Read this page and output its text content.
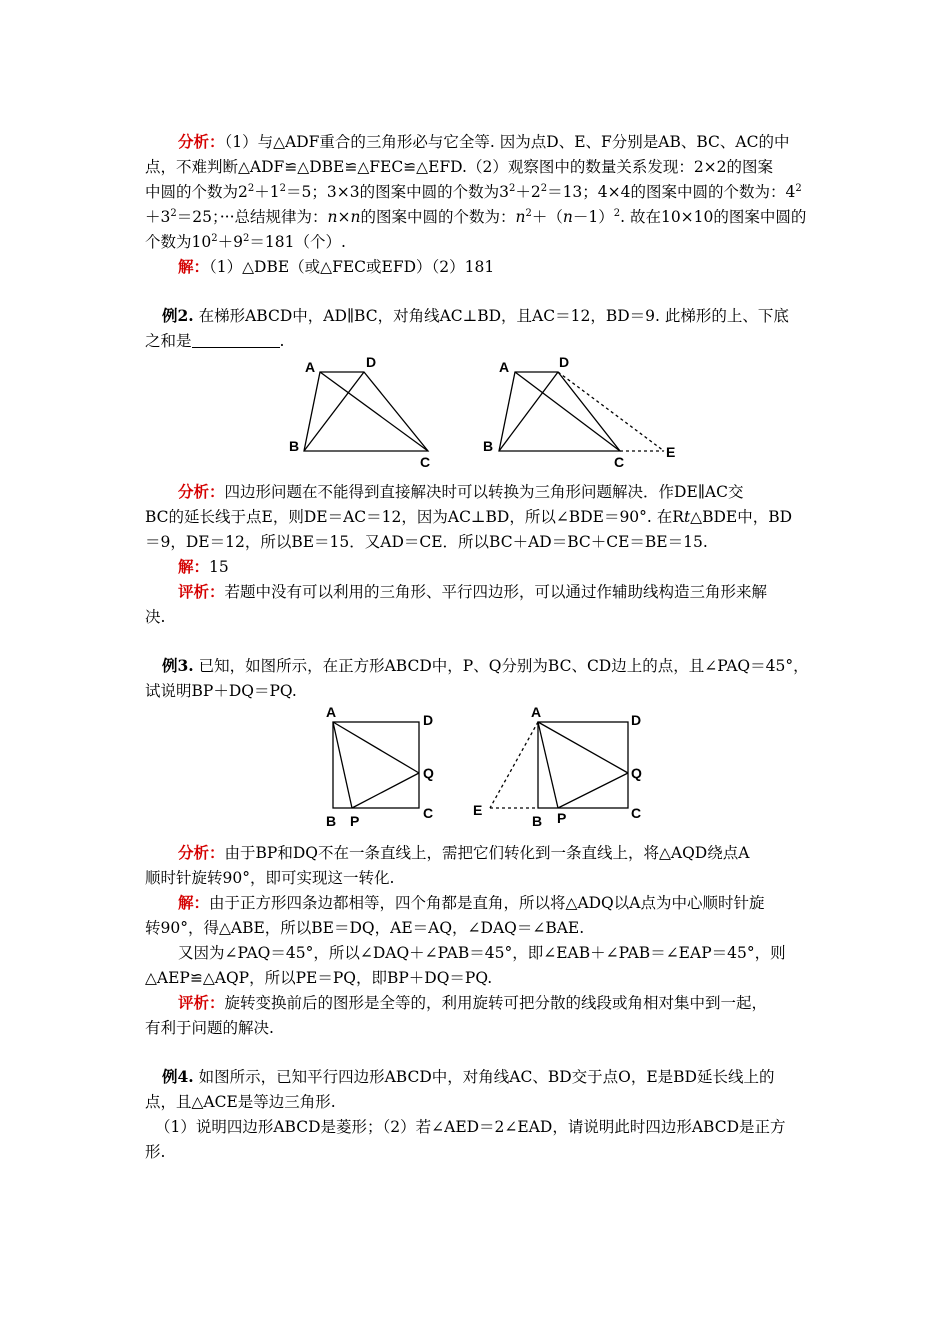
分析：（1）与△ADF重合的三角形必与它全等. 因为点D、E、F分别是AB、BC、AC的中
点，不难判断△ADF≌△DBE≌△FEC≌△EFD.（2）观察图中的数量关系发现：2×2的图案
中圆的个数为$2^2+1^2=5$；3×3的图案中圆的个数为$3^2+2^2=13$；4×4的图案中圆的个数为：$4^2$
$+3^2=25$；···总结规律为：n×n的图案中圆的个数为：$n^2+(n-1)^2$. 故在10×10的图案中圆的
个数为$10^2+9^2=181$（个）.
解：（1）△DBE（或△FEC或EFD）（2）181
例2. 在梯形ABCD中，AD∥BC，对角线AC⊥BD，且AC＝12，BD＝9. 此梯形的上、下底
之和是	.
A	D
B
C
A	D
B
C
E
分析：四边形问题在不能得到直接解决时可以转换为三角形问题解决．作DE∥AC交
BC的延长线于点E，则DE＝AC＝12，因为AC⊥BD，所以∠BDE＝90°. 在Rt△BDE中，BD
＝9，DE＝12，所以BE＝15．又AD＝CE．所以BC＋AD＝BC＋CE＝BE＝15.
解：15
评析：若题中没有可以利用的三角形、平行四边形，可以通过作辅助线构造三角形来解
决.
例3. 已知，如图所示，在正方形ABCD中，P、Q分别为BC、CD边上的点，且∠PAQ＝45°，
试说明BP＋DQ＝PQ.
A	D
Q
C
B P
A	D
Q
C
E
B P
分析：由于BP和DQ不在一条直线上，需把它们转化到一条直线上，将△AQD绕点A
顺时针旋转90°，即可实现这一转化.
解：由于正方形四条边都相等，四个角都是直角，所以将△ADQ以A点为中心顺时针旋
转90°，得△ABE，所以BE＝DQ，AE＝AQ，∠DAQ＝∠BAE.
又因为∠PAQ＝45°，所以∠DAQ＋∠PAB＝45°，即∠EAB＋∠PAB＝∠EAP＝45°，则
△AEP≌△AQP，所以PE＝PQ，即BP＋DQ＝PQ.
评析：旋转变换前后的图形是全等的，利用旋转可把分散的线段或角相对集中到一起，
有利于问题的解决.
例4. 如图所示，已知平行四边形ABCD中，对角线AC、BD交于点O，E是BD延长线上的
点，且△ACE是等边三角形.
（1）说明四边形ABCD是菱形；（2）若∠AED＝2∠EAD，请说明此时四边形ABCD是正方
形.
